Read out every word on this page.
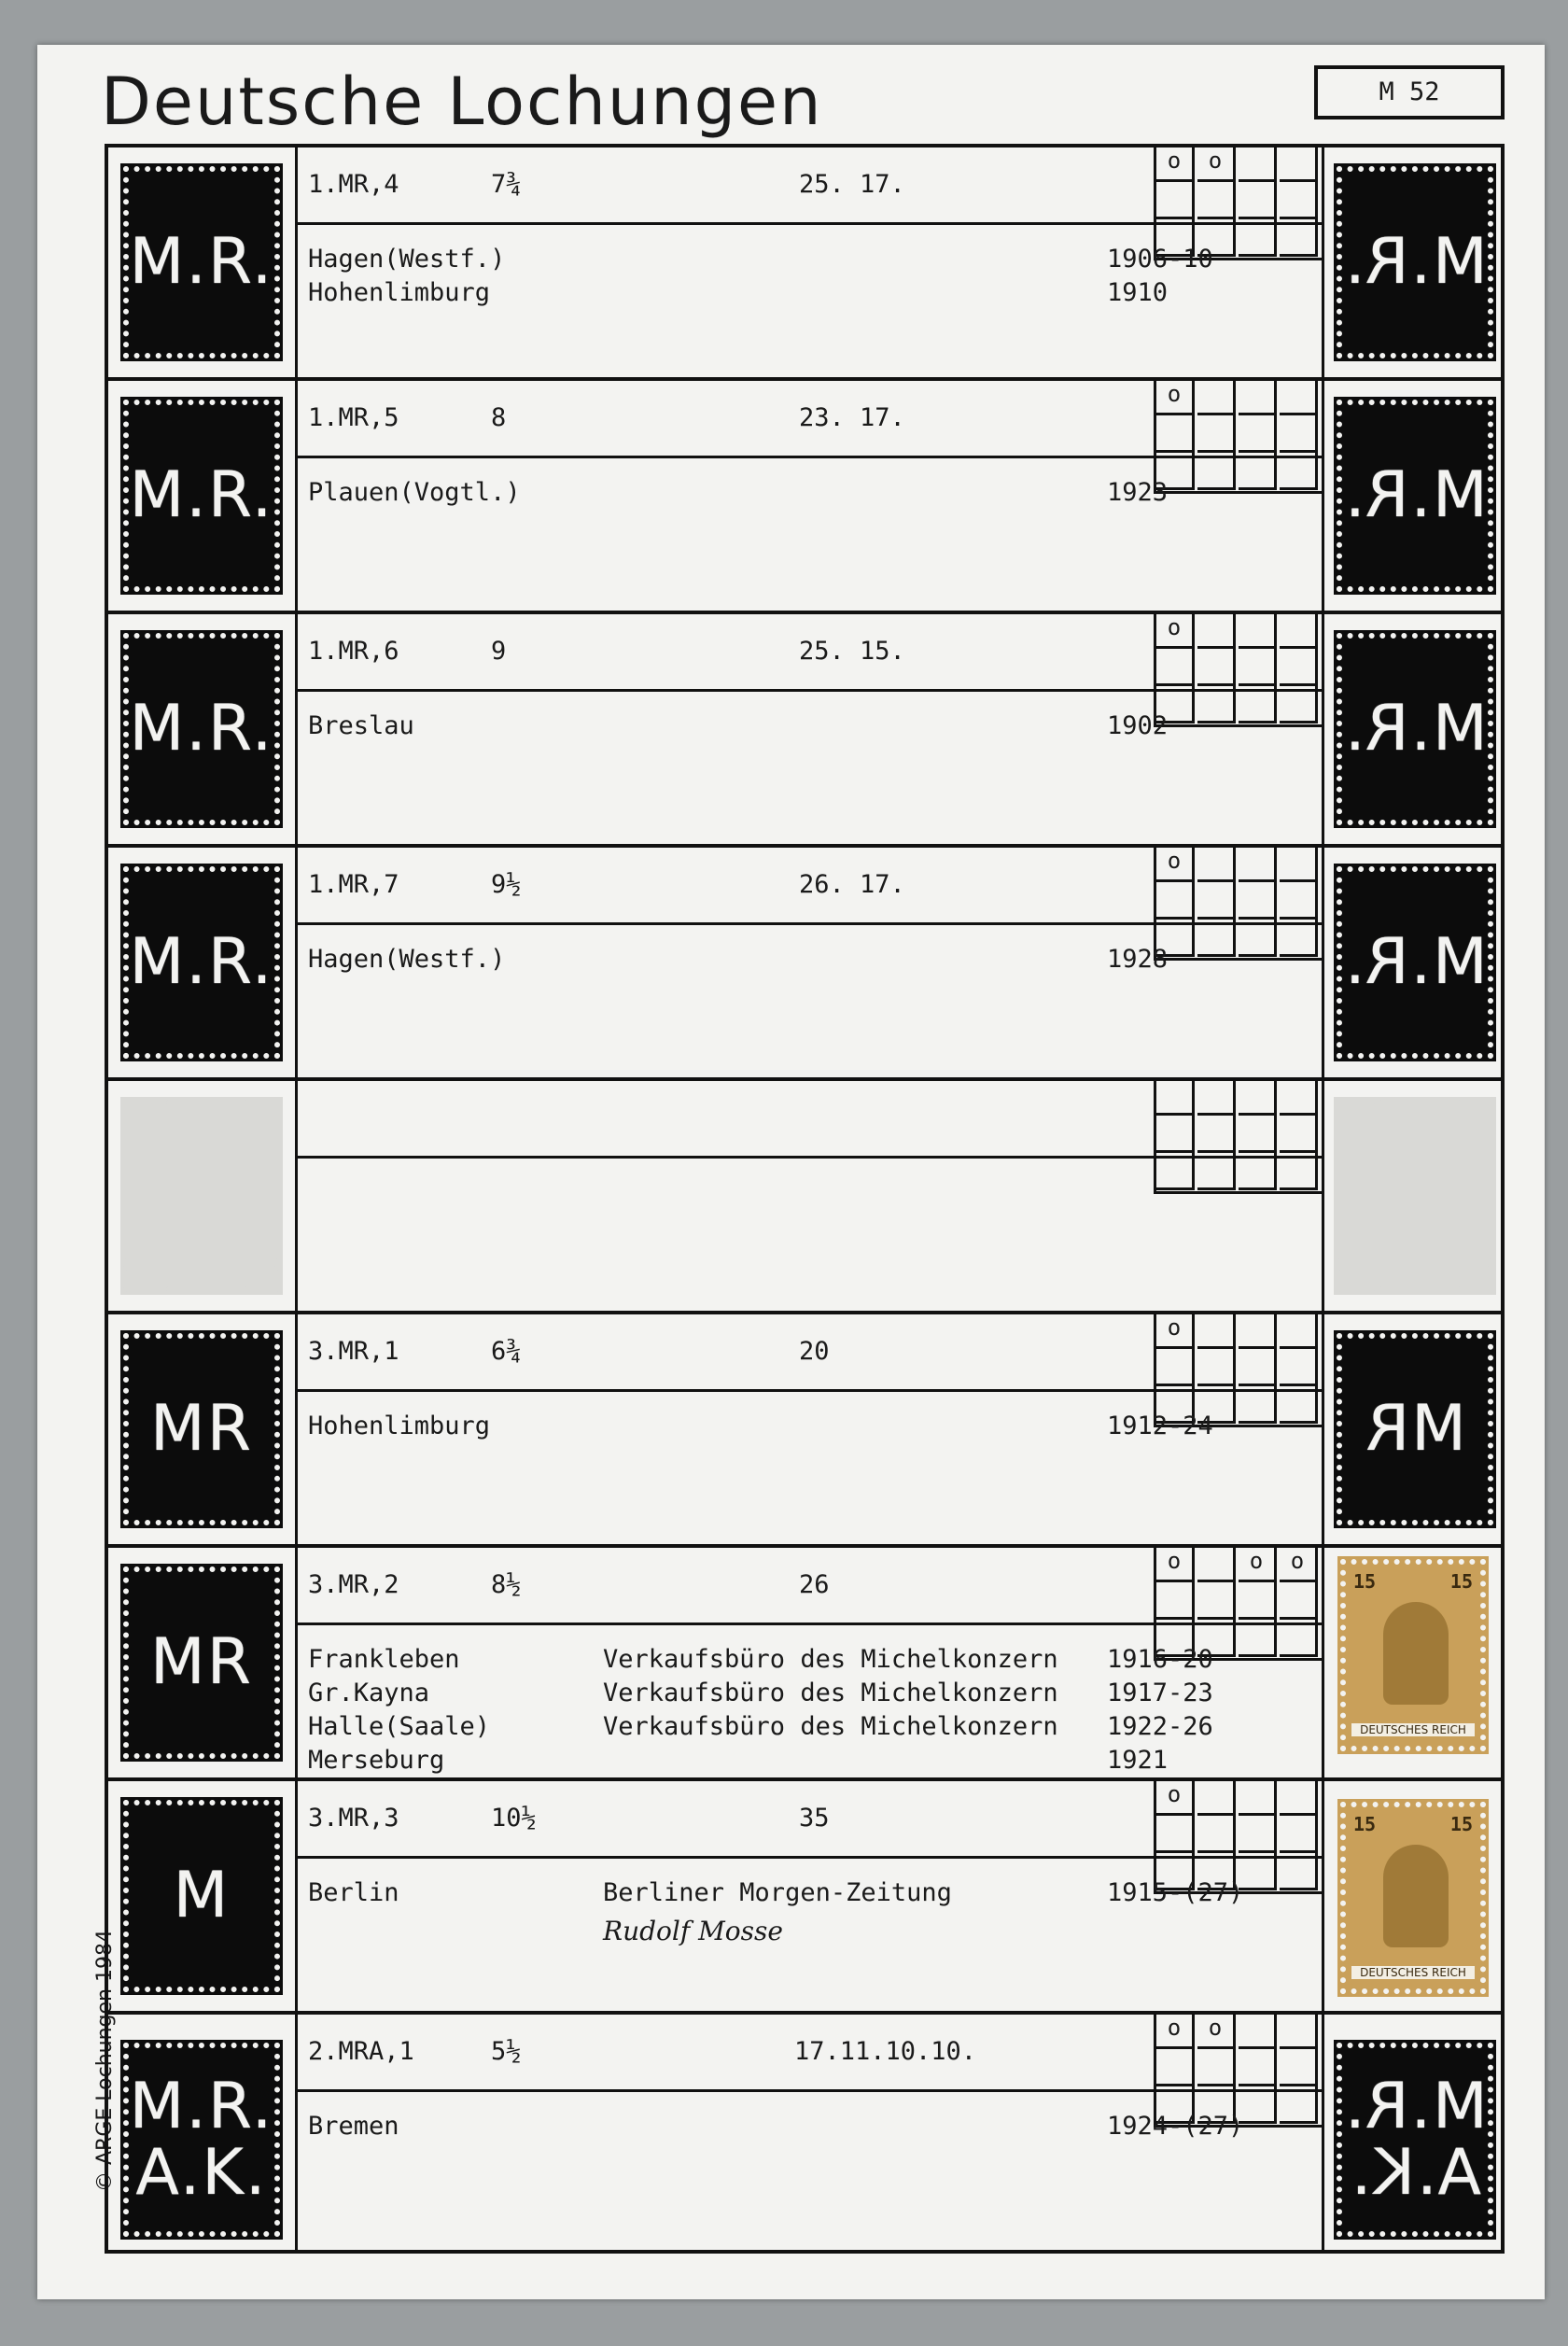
Deutsche Lochungen	M 52
© ARGE Lochungen 1984
M.R.	M.R.
o	o
1.MR,4	7¾	25. 17.
Hagen(Westf.)	1906-10
Hohenlimburg	1910
M.R.	M.R.
o
1.MR,5	8	23. 17.
Plauen(Vogtl.)	1923
M.R.	M.R.
o
1.MR,6	9	25. 15.
Breslau	1902
M.R.	M.R.
o
1.MR,7	9½	26. 17.
Hagen(Westf.)	1928
MR	MR
o
3.MR,1	6¾	20
Hohenlimburg	1912-24
MR
15	15
DEUTSCHES REICH
o	o	o
3.MR,2	8½	26
Frankleben	Verkaufsbüro des Michelkonzern 1916-20
Gr.Kayna	Verkaufsbüro des Michelkonzern 1917-23
Halle(Saale)	Verkaufsbüro des Michelkonzern 1922-26
Merseburg	1921
M
15	15
DEUTSCHES REICH
o
3.MR,3	10½	35
Berlin	Berliner Morgen-Zeitung	1915-(27)
Rudolf Mosse
M.R.
A.K.
M.R.
A.K.
o	o
2.MRA,1	5½	17.11.10.10.
Bremen	1924-(27)
